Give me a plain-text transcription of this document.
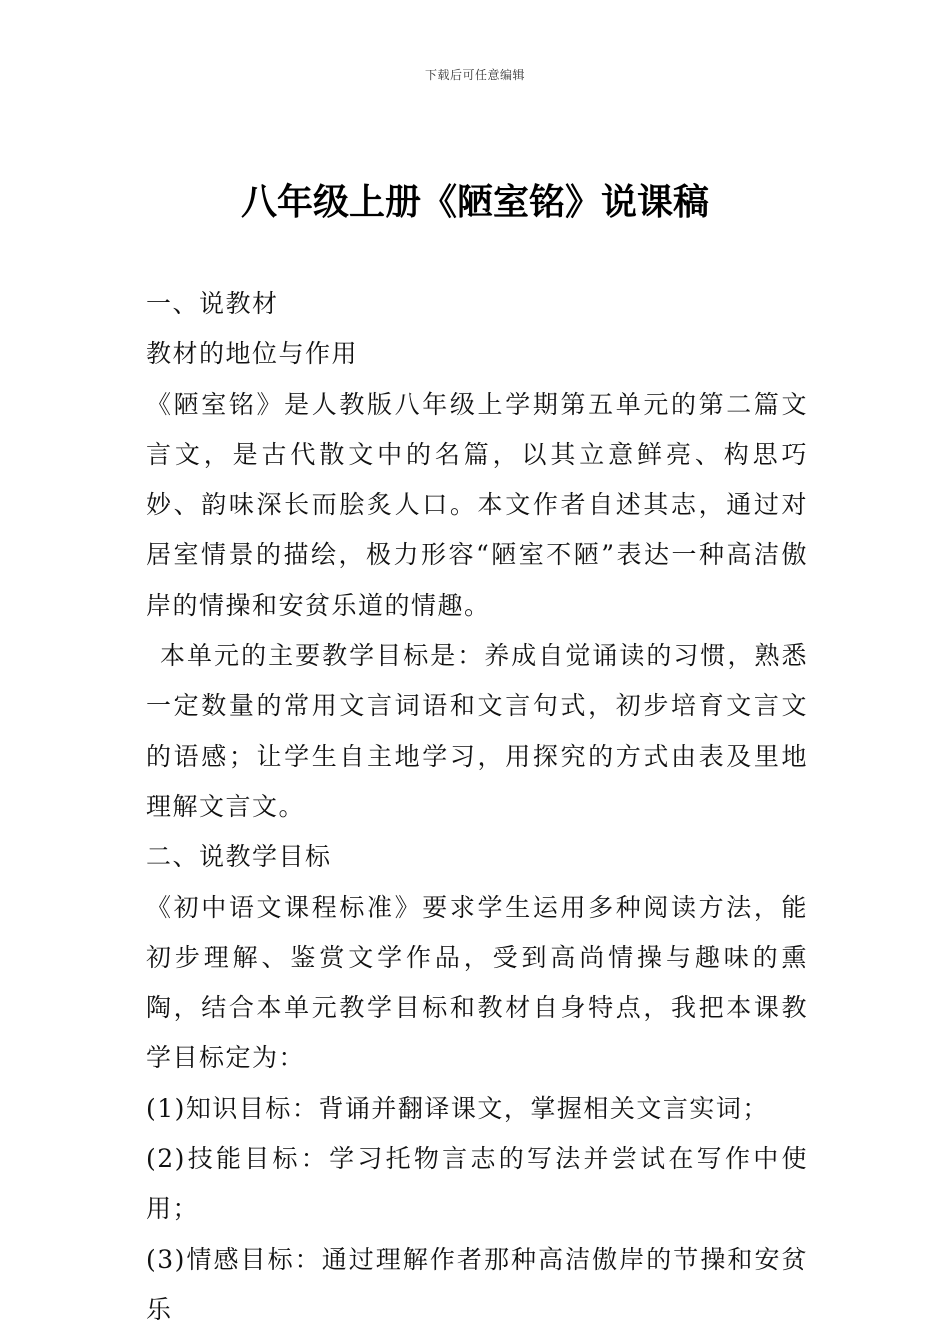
下载后可任意编辑
八年级上册《陋室铭》说课稿

一、说教材

教材的地位与作用

《陋室铭》是人教版八年级上学期第五单元的第二篇文言文，是古代散文中的名篇，以其立意鲜亮、构思巧妙、韵味深长而脍炙人口。本文作者自述其志，通过对居室情景的描绘，极力形容“陋室不陋”表达一种高洁傲岸的情操和安贫乐道的情趣。

本单元的主要教学目标是：养成自觉诵读的习惯，熟悉一定数量的常用文言词语和文言句式，初步培育文言文的语感；让学生自主地学习，用探究的方式由表及里地理解文言文。

二、说教学目标

《初中语文课程标准》要求学生运用多种阅读方法，能初步理解、鉴赏文学作品，受到高尚情操与趣味的熏陶，结合本单元教学目标和教材自身特点，我把本课教学目标定为：

(1)知识目标：背诵并翻译课文，掌握相关文言实词；

(2)技能目标：学习托物言志的写法并尝试在写作中使用；

(3)情感目标：通过理解作者那种高洁傲岸的节操和安贫乐
